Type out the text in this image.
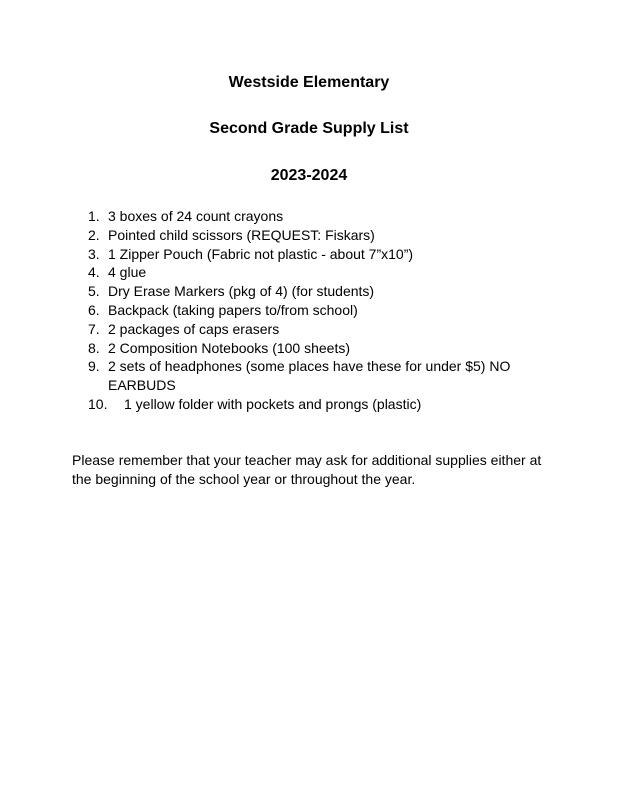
Westside Elementary
Second Grade Supply List
2023-2024
1. 3 boxes of 24 count crayons
2. Pointed child scissors (REQUEST: Fiskars)
3. 1 Zipper Pouch (Fabric not plastic - about 7”x10”)
4. 4 glue
5. Dry Erase Markers (pkg of 4) (for students)
6. Backpack (taking papers to/from school)
7. 2 packages of caps erasers
8. 2 Composition Notebooks (100 sheets)
9. 2 sets of headphones (some places have these for under $5) NO EARBUDS
10. 1 yellow folder with pockets and prongs (plastic)

Please remember that your teacher may ask for additional supplies either at the beginning of the school year or throughout the year.
